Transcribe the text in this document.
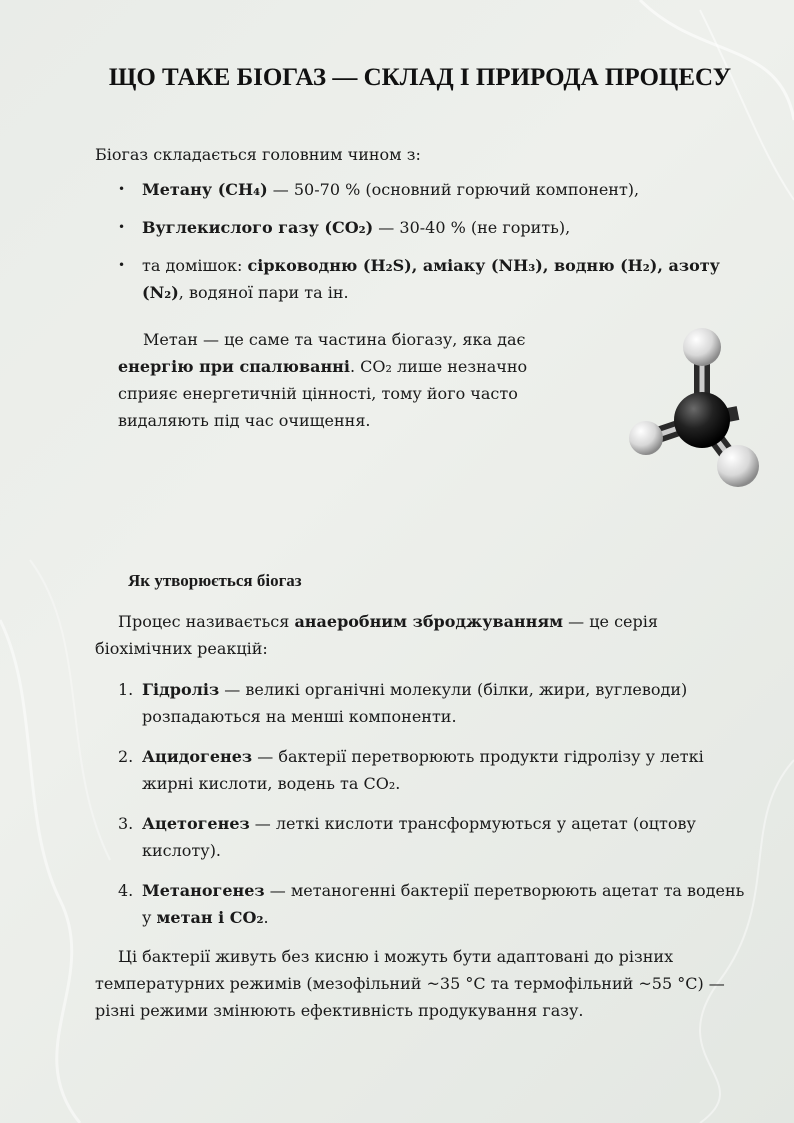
ЩО ТАКЕ БІОГАЗ — СКЛАД І ПРИРОДА ПРОЦЕСУ

Біогаз складається головним чином з:

• Метану (CH₄) — 50-70 % (основний горючий компонент),
• Вуглекислого газу (CO₂) — 30-40 % (не горить),
• та домішок: сірководню (H₂S), аміаку (NH₃), водню (H₂), азоту (N₂), водяної пари та ін.

Метан — це саме та частина біогазу, яка дає енергію при спалюванні. CO₂ лише незначно сприяє енергетичній цінності, тому його часто видаляють під час очищення.

Як утворюється біогаз

Процес називається анаеробним зброджуванням — це серія біохімічних реакцій:

1. Гідроліз — великі органічні молекули (білки, жири, вуглеводи) розпадаються на менші компоненти.
2. Ацидогенез — бактерії перетворюють продукти гідролізу у леткі жирні кислоти, водень та CO₂.
3. Ацетогенез — леткі кислоти трансформуються у ацетат (оцтову кислоту).
4. Метаногенез — метаногенні бактерії перетворюють ацетат та водень у метан і CO₂.

Ці бактерії живуть без кисню і можуть бути адаптовані до різних температурних режимів (мезофільний ~35 °C та термофільний ~55 °C) — різні режими змінюють ефективність продукування газу.
